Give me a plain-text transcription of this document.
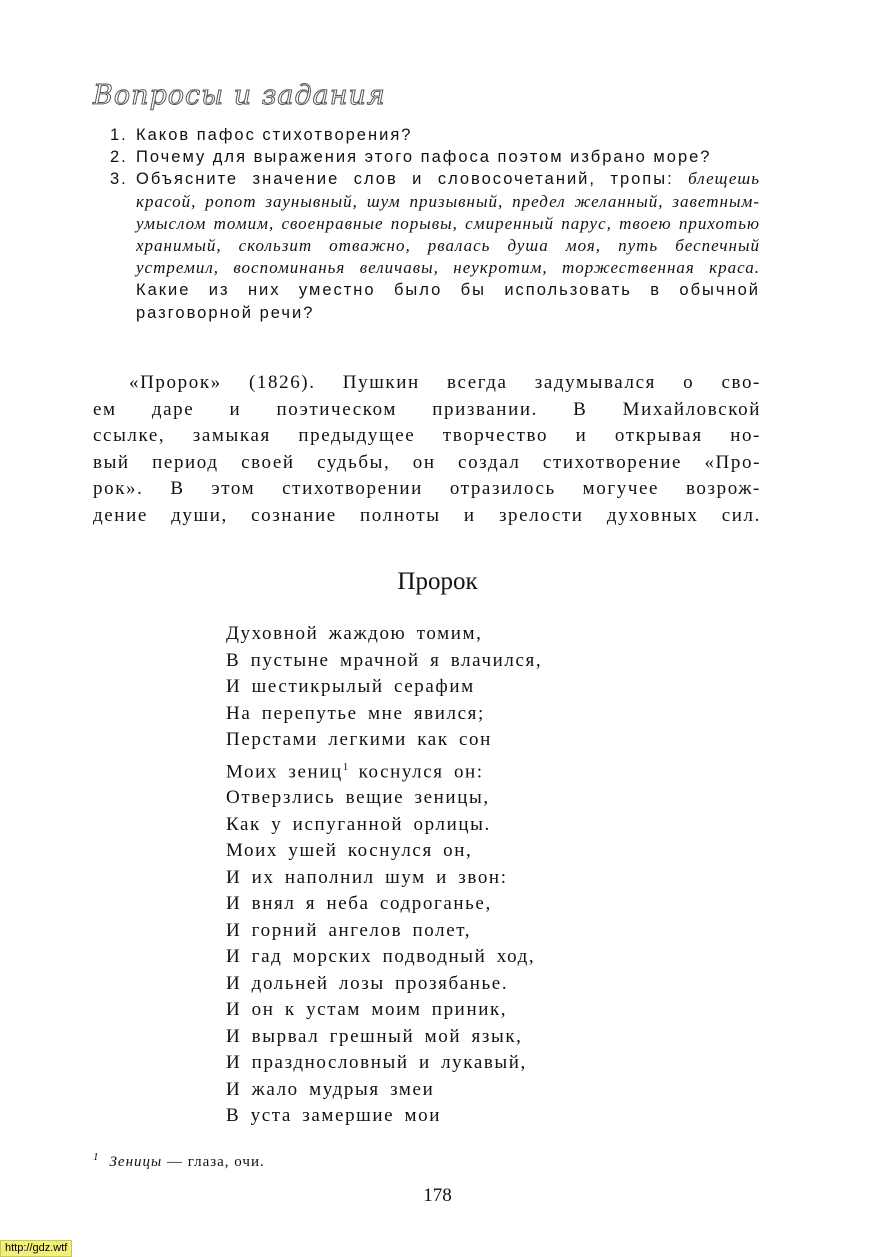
Вопросы и задания
1. Каков пафос стихотворения?
2. Почему для выражения этого пафоса поэтом избрано море?
3. Объясните значение слов и словосочетаний, тропы: блещешь красой, ропот заунывный, шум призывный, предел желанный, заветным- умыслом томим, своенравные порывы, смиренный парус, твоею прихотью хранимый, скользит отважно, рвалась душа моя, путь беспечный устремил, воспоминанья величавы, неукротим, торжественная краса. Какие из них уместно было бы использовать в обычной разговорной речи?
«Пророк» (1826). Пушкин всегда задумывался о сво-
ем даре и поэтическом призвании. В Михайловской
ссылке, замыкая предыдущее творчество и открывая но-
вый период своей судьбы, он создал стихотворение «Про-
рок». В этом стихотворении отразилось могучее возрож-
дение души, сознание полноты и зрелости духовных сил.
Пророк
Духовной жаждою томим,
В пустыне мрачной я влачился,
И шестикрылый серафим
На перепутье мне явился;
Перстами легкими как сон
Моих зениц$^1$ коснулся он:
Отверзлись вещие зеницы,
Как у испуганной орлицы.
Моих ушей коснулся он,
И их наполнил шум и звон:
И внял я неба содроганье,
И горний ангелов полет,
И гад морских подводный ход,
И дольней лозы прозябанье.
И он к устам моим приник,
И вырвал грешный мой язык,
И празднословный и лукавый,
И жало мудрыя змеи
В уста замершие мои
$^1$ Зеницы — глаза, очи.
178
http://gdz.wtf
